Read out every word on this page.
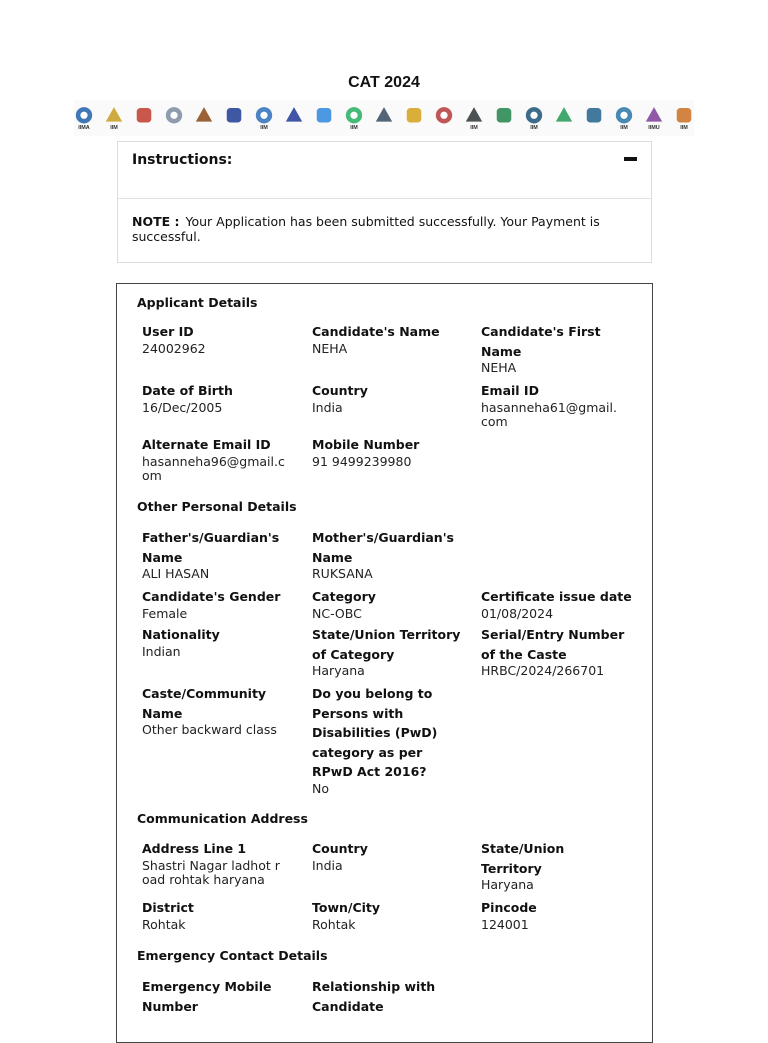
CAT 2024
IIMA	IIM	IIM	IIM	IIM	IIM	IIM	IIMU	IIM
Instructions:
NOTE : Your Application has been submitted successfully. Your Payment is successful.
Applicant Details
User ID
24002962
Candidate's Name
NEHA
Candidate's First Name
NEHA
Date of Birth
16/Dec/2005
Country
India
Email ID
hasanneha61@gmail.com
Alternate Email ID
hasanneha96@gmail.com
Mobile Number
91 9499239980
Other Personal Details
Father's/Guardian's Name
ALI HASAN
Mother's/Guardian's Name
RUKSANA
Candidate's Gender
Female
Category
NC-OBC
Certificate issue date
01/08/2024
Nationality
Indian
State/Union Territory of Category
Haryana
Serial/Entry Number of the Caste
HRBC/2024/266701
Caste/Community Name
Other backward class
Do you belong to Persons with Disabilities (PwD) category as per RPwD Act 2016?
No
Communication Address
Address Line 1
Shastri Nagar ladhot road rohtak haryana
Country
India
State/Union Territory
Haryana
District
Rohtak
Town/City
Rohtak
Pincode
124001
Emergency Contact Details
Emergency Mobile Number
Relationship with Candidate
